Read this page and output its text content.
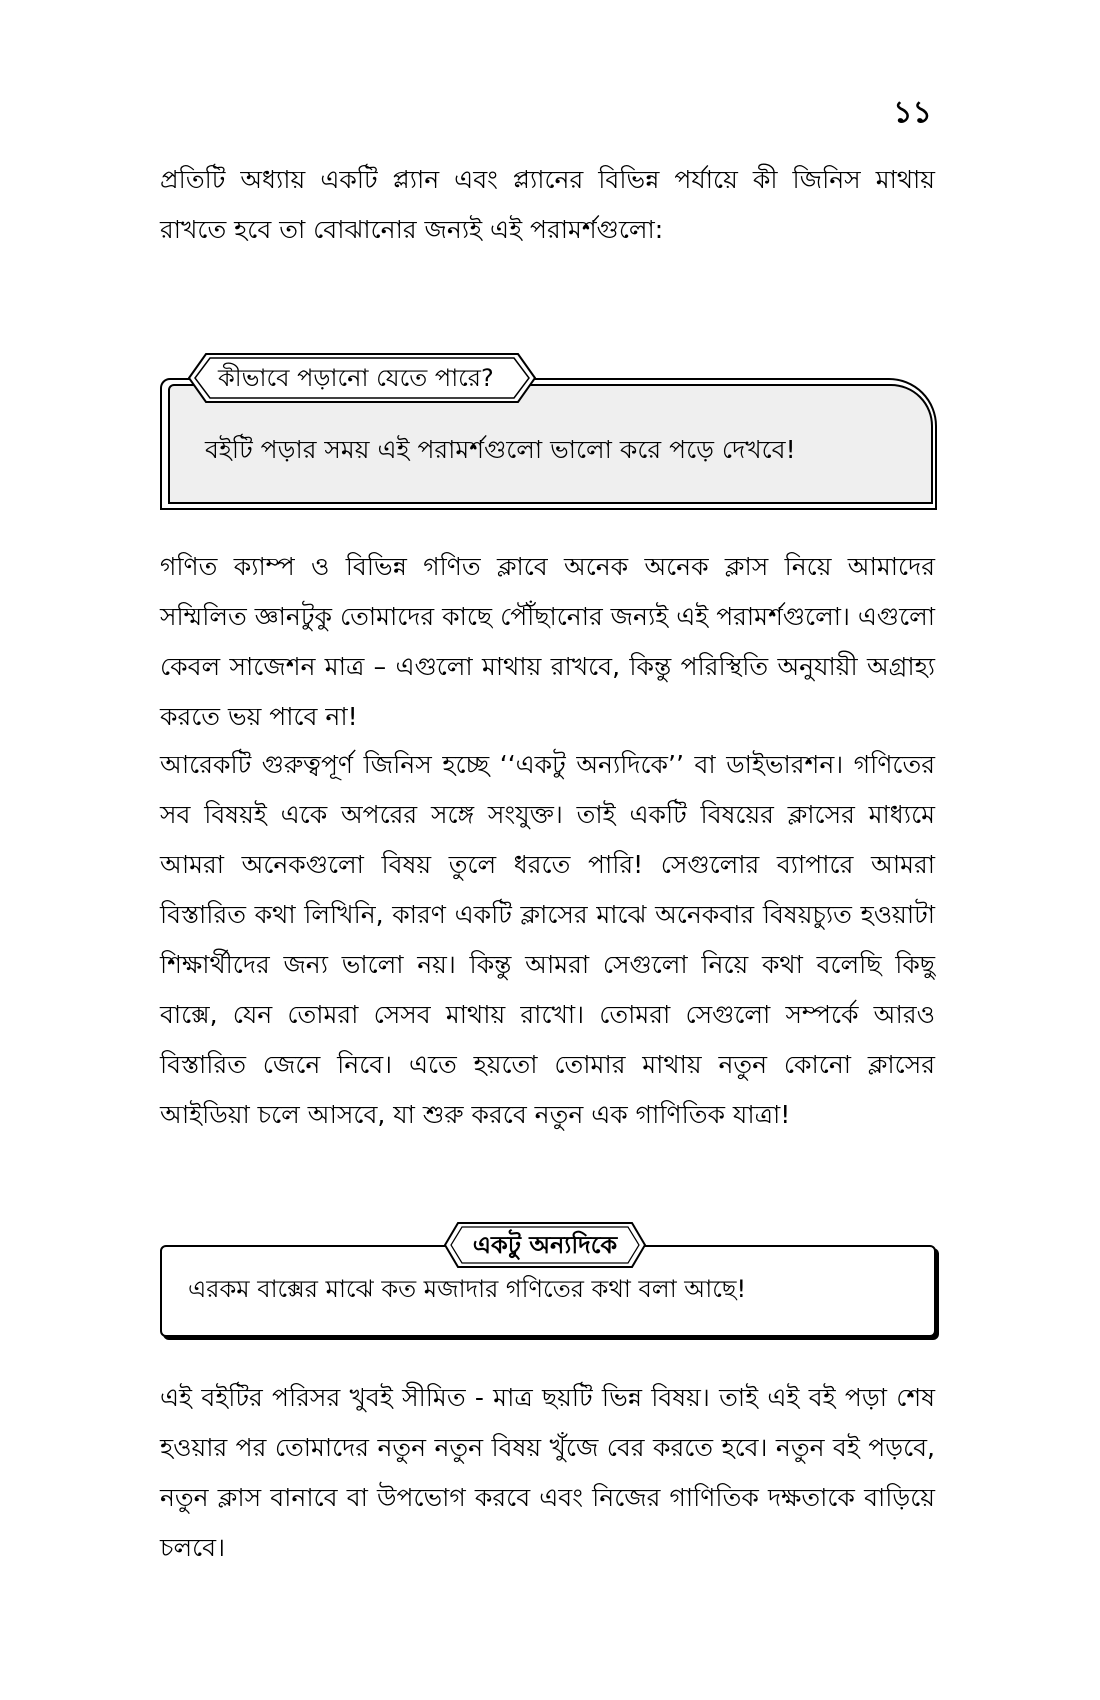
১১

প্রতিটি অধ্যায় একটি প্ল্যান এবং প্ল্যানের বিভিন্ন পর্যায়ে কী জিনিস মাথায় রাখতে হবে তা বোঝানোর জন্যই এই পরামর্শগুলো:

বইটি পড়ার সময় এই পরামর্শগুলো ভালো করে পড়ে দেখবে!
কীভাবে পড়ানো যেতে পারে?

গণিত ক্যাম্প ও বিভিন্ন গণিত ক্লাবে অনেক অনেক ক্লাস নিয়ে আমাদের সম্মিলিত জ্ঞানটুকু তোমাদের কাছে পৌঁছানোর জন্যই এই পরামর্শগুলো। এগুলো কেবল সাজেশন মাত্র – এগুলো মাথায় রাখবে, কিন্তু পরিস্থিতি অনুযায়ী অগ্রাহ্য করতে ভয় পাবে না!

আরেকটি গুরুত্বপূর্ণ জিনিস হচ্ছে ‘‘একটু অন্যদিকে’’ বা ডাইভারশন। গণিতের সব বিষয়ই একে অপরের সঙ্গে সংযুক্ত। তাই একটি বিষয়ের ক্লাসের মাধ্যমে আমরা অনেকগুলো বিষয় তুলে ধরতে পারি! সেগুলোর ব্যাপারে আমরা বিস্তারিত কথা লিখিনি, কারণ একটি ক্লাসের মাঝে অনেকবার বিষয়চ্যুত হওয়াটা শিক্ষার্থীদের জন্য ভালো নয়। কিন্তু আমরা সেগুলো নিয়ে কথা বলেছি কিছু বাক্সে, যেন তোমরা সেসব মাথায় রাখো। তোমরা সেগুলো সম্পর্কে আরও বিস্তারিত জেনে নিবে। এতে হয়তো তোমার মাথায় নতুন কোনো ক্লাসের আইডিয়া চলে আসবে, যা শুরু করবে নতুন এক গাণিতিক যাত্রা!

এরকম বাক্সের মাঝে কত মজাদার গণিতের কথা বলা আছে!
একটু অন্যদিকে

এই বইটির পরিসর খুবই সীমিত - মাত্র ছয়টি ভিন্ন বিষয়। তাই এই বই পড়া শেষ হওয়ার পর তোমাদের নতুন নতুন বিষয় খুঁজে বের করতে হবে। নতুন বই পড়বে, নতুন ক্লাস বানাবে বা উপভোগ করবে এবং নিজের গাণিতিক দক্ষতাকে বাড়িয়ে চলবে।
